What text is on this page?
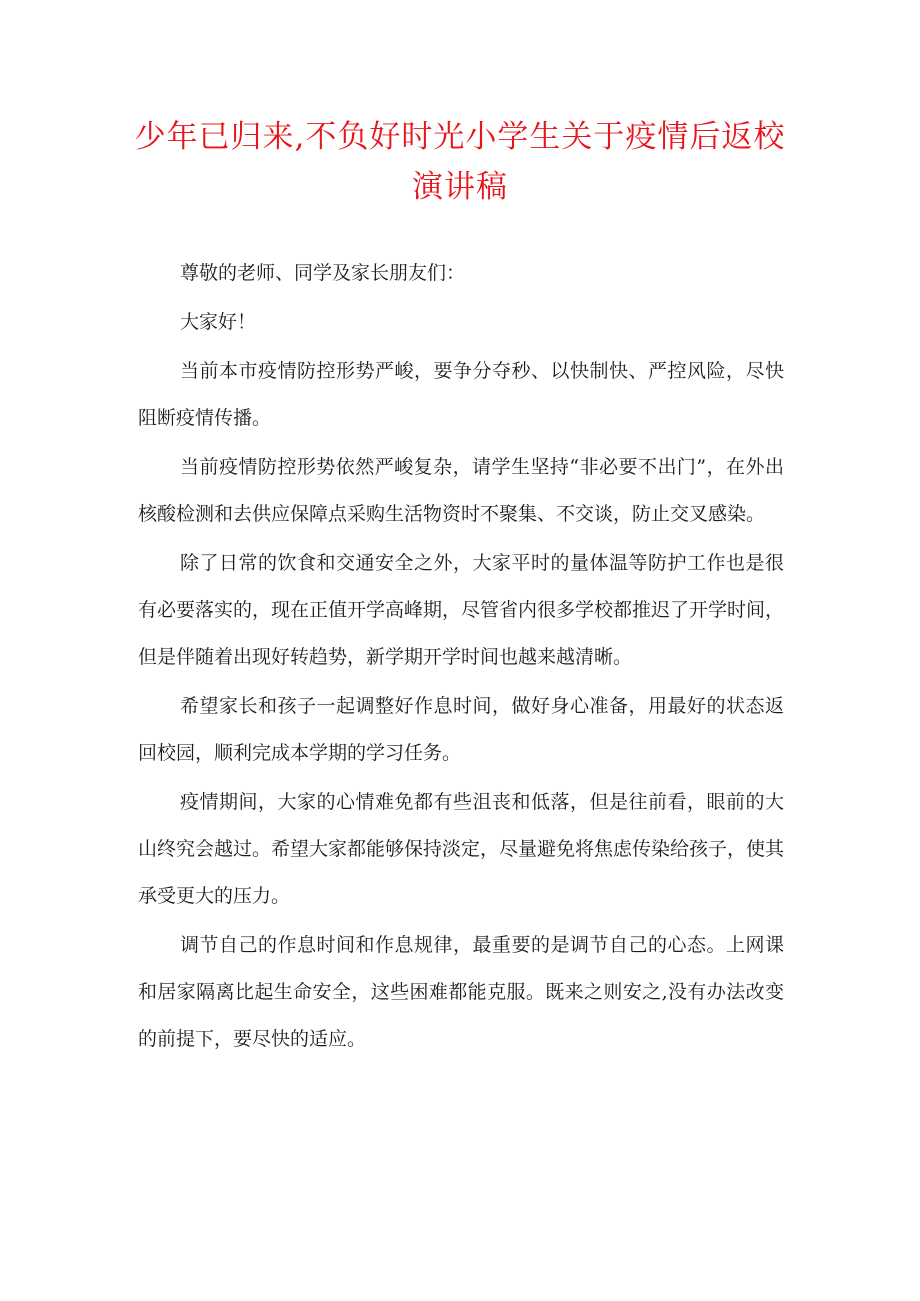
少年已归来,不负好时光小学生关于疫情后返校演讲稿

尊敬的老师、同学及家长朋友们：

大家好！

当前本市疫情防控形势严峻，要争分夺秒、以快制快、严控风险，尽快阻断疫情传播。

当前疫情防控形势依然严峻复杂，请学生坚持“非必要不出门”，在外出核酸检测和去供应保障点采购生活物资时不聚集、不交谈，防止交叉感染。

除了日常的饮食和交通安全之外，大家平时的量体温等防护工作也是很有必要落实的，现在正值开学高峰期，尽管省内很多学校都推迟了开学时间，但是伴随着出现好转趋势，新学期开学时间也越来越清晰。

希望家长和孩子一起调整好作息时间，做好身心准备，用最好的状态返回校园，顺利完成本学期的学习任务。

疫情期间，大家的心情难免都有些沮丧和低落，但是往前看，眼前的大山终究会越过。希望大家都能够保持淡定，尽量避免将焦虑传染给孩子，使其承受更大的压力。

调节自己的作息时间和作息规律，最重要的是调节自己的心态。上网课和居家隔离比起生命安全，这些困难都能克服。既来之则安之,没有办法改变的前提下，要尽快的适应。
